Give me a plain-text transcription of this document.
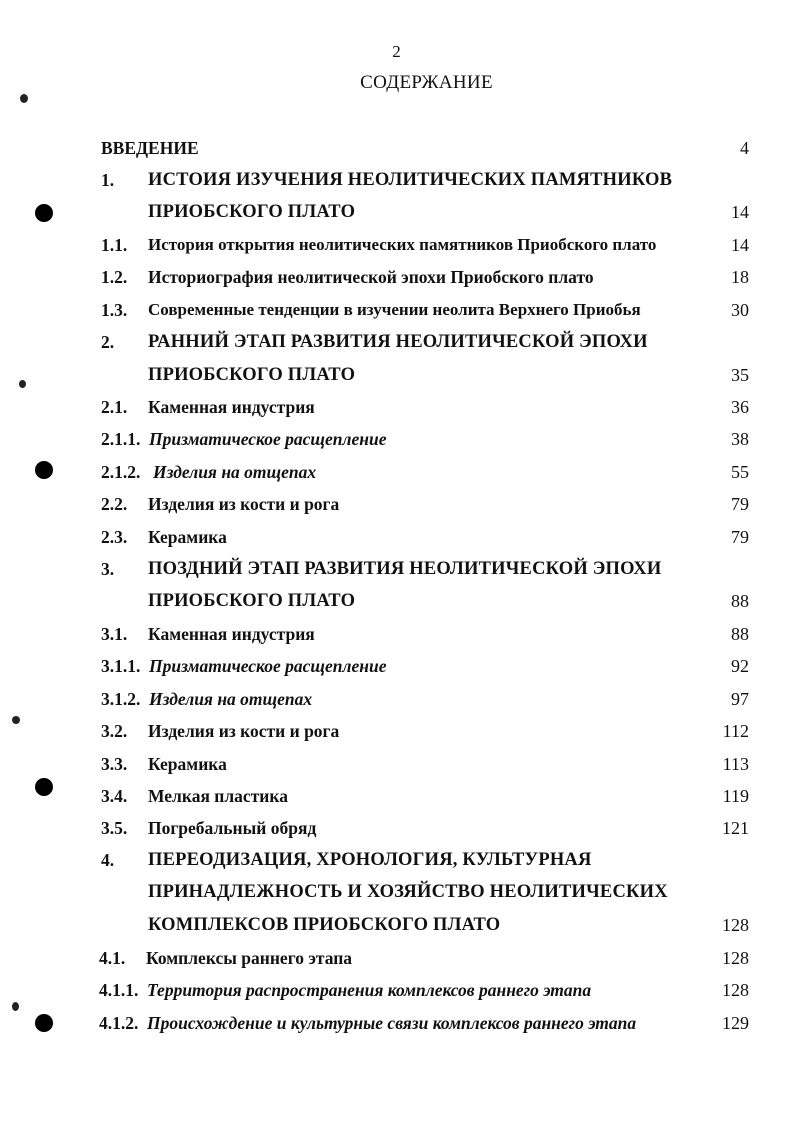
2
СОДЕРЖАНИЕ
ВВЕДЕНИЕ	4
1. ИСТОИЯ ИЗУЧЕНИЯ НЕОЛИТИЧЕСКИХ ПАМЯТНИКОВ
ПРИОБСКОГО ПЛАТО	14
1.1. История открытия неолитических памятников Приобского плато	14
1.2. Историография неолитической эпохи Приобского плато	18
1.3. Современные тенденции в изучении неолита Верхнего Приобья	30
2. РАННИЙ ЭТАП РАЗВИТИЯ НЕОЛИТИЧЕСКОЙ ЭПОХИ
ПРИОБСКОГО ПЛАТО	35
2.1. Каменная индустрия	36
2.1.1. Призматическое расщепление	38
2.1.2. Изделия на отщепах	55
2.2. Изделия из кости и рога	79
2.3. Керамика	79
3. ПОЗДНИЙ ЭТАП РАЗВИТИЯ НЕОЛИТИЧЕСКОЙ ЭПОХИ
ПРИОБСКОГО ПЛАТО	88
3.1. Каменная индустрия	88
3.1.1. Призматическое расщепление	92
3.1.2. Изделия на отщепах	97
3.2. Изделия из кости и рога	112
3.3. Керамика	113
3.4. Мелкая пластика	119
3.5. Погребальный обряд	121
4. ПЕРЕОДИЗАЦИЯ, ХРОНОЛОГИЯ, КУЛЬТУРНАЯ
ПРИНАДЛЕЖНОСТЬ И ХОЗЯЙСТВО НЕОЛИТИЧЕСКИХ
КОМПЛЕКСОВ ПРИОБСКОГО ПЛАТО	128
4.1. Комплексы раннего этапа	128
4.1.1. Территория распространения комплексов раннего этапа	128
4.1.2. Происхождение и культурные связи комплексов раннего этапа	129
